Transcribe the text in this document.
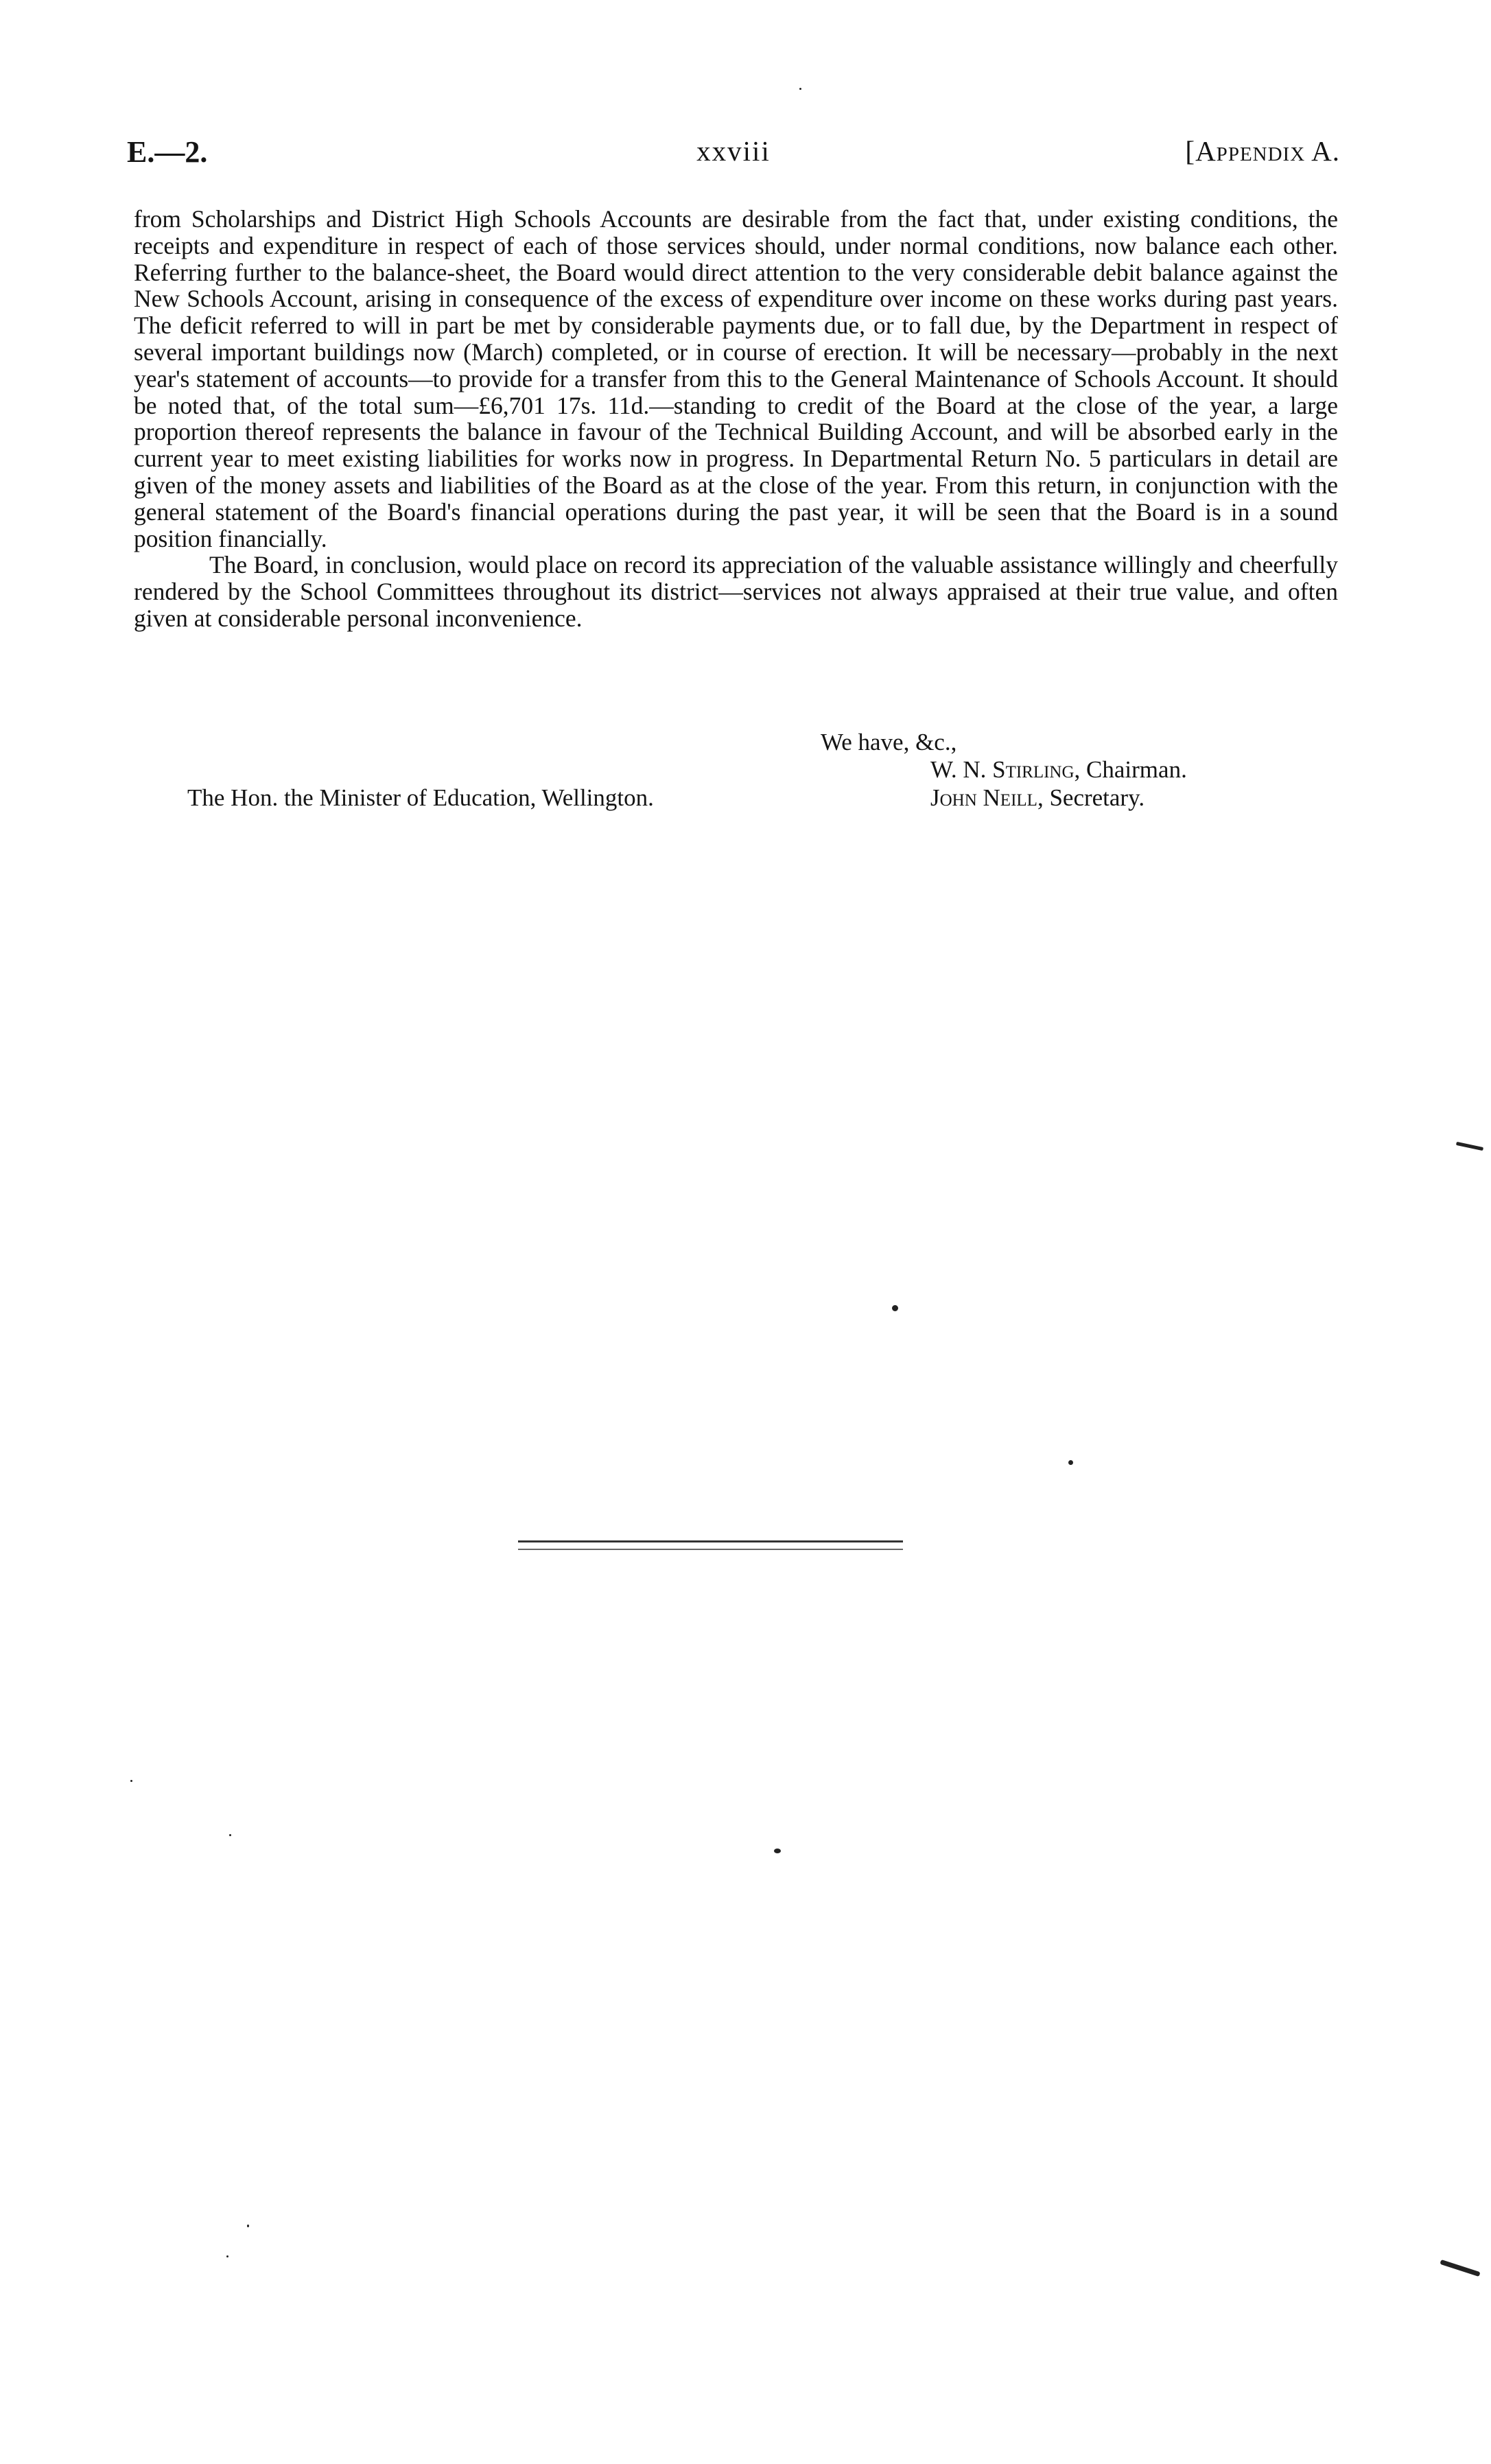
E.—2.	xxviii	[Appendix A.

from Scholarships and District High Schools Accounts are desirable from the fact that, under existing conditions, the receipts and expenditure in respect of each of those services should, under normal conditions, now balance each other. Referring further to the balance-sheet, the Board would direct attention to the very considerable debit balance against the New Schools Account, arising in consequence of the excess of expenditure over income on these works during past years. The deficit referred to will in part be met by considerable payments due, or to fall due, by the Department in respect of several important buildings now (March) completed, or in course of erection. It will be necessary—probably in the next year's statement of accounts—to provide for a transfer from this to the General Maintenance of Schools Account. It should be noted that, of the total sum—£6,701 17s. 11d.—standing to credit of the Board at the close of the year, a large proportion thereof represents the balance in favour of the Technical Building Account, and will be absorbed early in the current year to meet existing liabilities for works now in progress. In Departmental Return No. 5 particulars in detail are given of the money assets and liabilities of the Board as at the close of the year. From this return, in conjunction with the general statement of the Board's financial operations during the past year, it will be seen that the Board is in a sound position financially.

The Board, in conclusion, would place on record its appreciation of the valuable assistance willingly and cheerfully rendered by the School Committees throughout its district—services not always appraised at their true value, and often given at considerable personal inconvenience.

We have, &c.,
W. N. Stirling, Chairman.
The Hon. the Minister of Education, Wellington.	John Neill, Secretary.
